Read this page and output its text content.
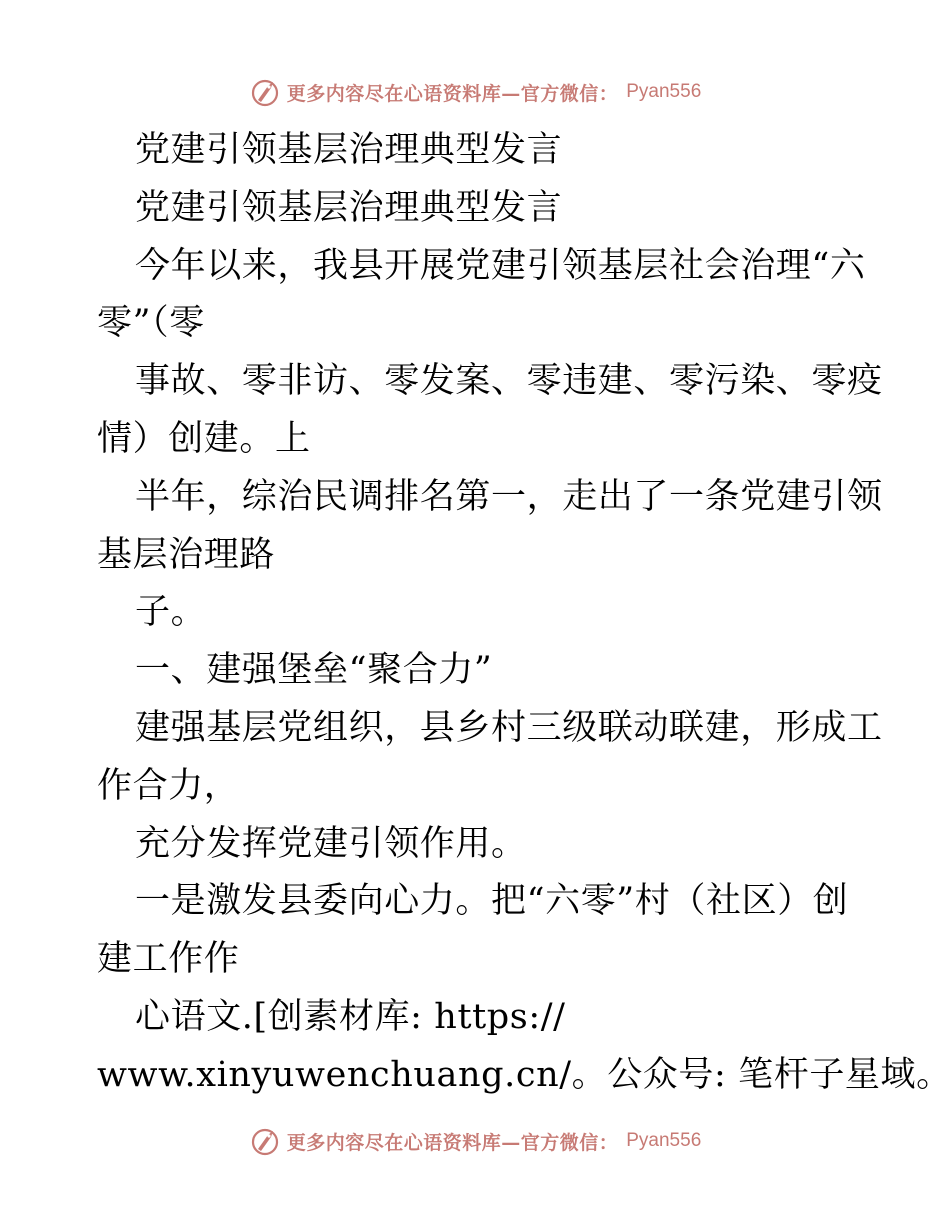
更多内容尽在心语资料库—官方微信： Pyan556
党建引领基层治理典型发言
党建引领基层治理典型发言
今年以来，我县开展党建引领基层社会治理“六
零”（零
事故、零非访、零发案、零违建、零污染、零疫
情）创建。上
半年，综治民调排名第一，走出了一条党建引领
基层治理路
子。
一、建强堡垒“聚合力”
建强基层党组织，县乡村三级联动联建，形成工
作合力，
充分发挥党建引领作用。
一是激发县委向心力。把“六零”村（社区）创
建工作作
心语文.[创素材库: https://
www.xinyuwenchuang.cn/。公众号: 笔杆子星域。
更多内容尽在心语资料库—官方微信： Pyan556
